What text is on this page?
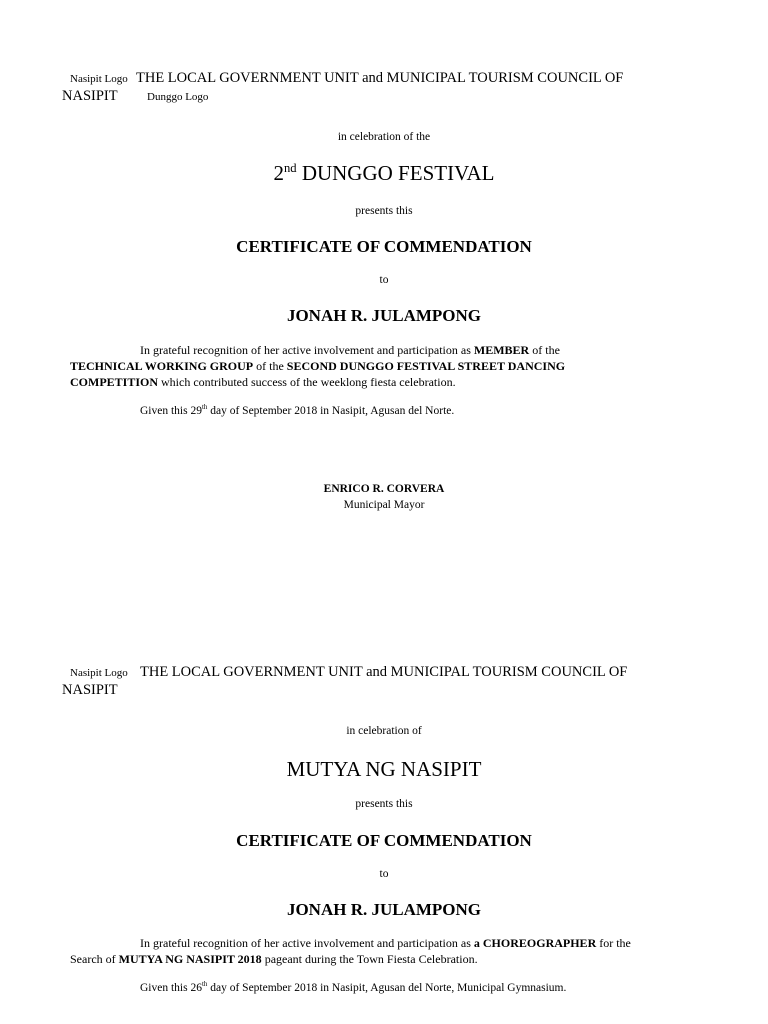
Nasipit Logo THE LOCAL GOVERNMENT UNIT and MUNICIPAL TOURISM COUNCIL OF
NASIPIT	Dunggo Logo
in celebration of the
2nd DUNGGO FESTIVAL
presents this
CERTIFICATE OF COMMENDATION
to
JONAH R. JULAMPONG
In grateful recognition of her active involvement and participation as MEMBER of the
TECHNICAL WORKING GROUP of the SECOND DUNGGO FESTIVAL STREET DANCING
COMPETITION which contributed success of the weeklong fiesta celebration.
Given this 29th day of September 2018 in Nasipit, Agusan del Norte.
ENRICO R. CORVERA
Municipal Mayor
Nasipit Logo THE LOCAL GOVERNMENT UNIT and MUNICIPAL TOURISM COUNCIL OF
NASIPIT
in celebration of
MUTYA NG NASIPIT
presents this
CERTIFICATE OF COMMENDATION
to
JONAH R. JULAMPONG
In grateful recognition of her active involvement and participation as a CHOREOGRAPHER for the
Search of MUTYA NG NASIPIT 2018 pageant during the Town Fiesta Celebration.
Given this 26th day of September 2018 in Nasipit, Agusan del Norte, Municipal Gymnasium.
